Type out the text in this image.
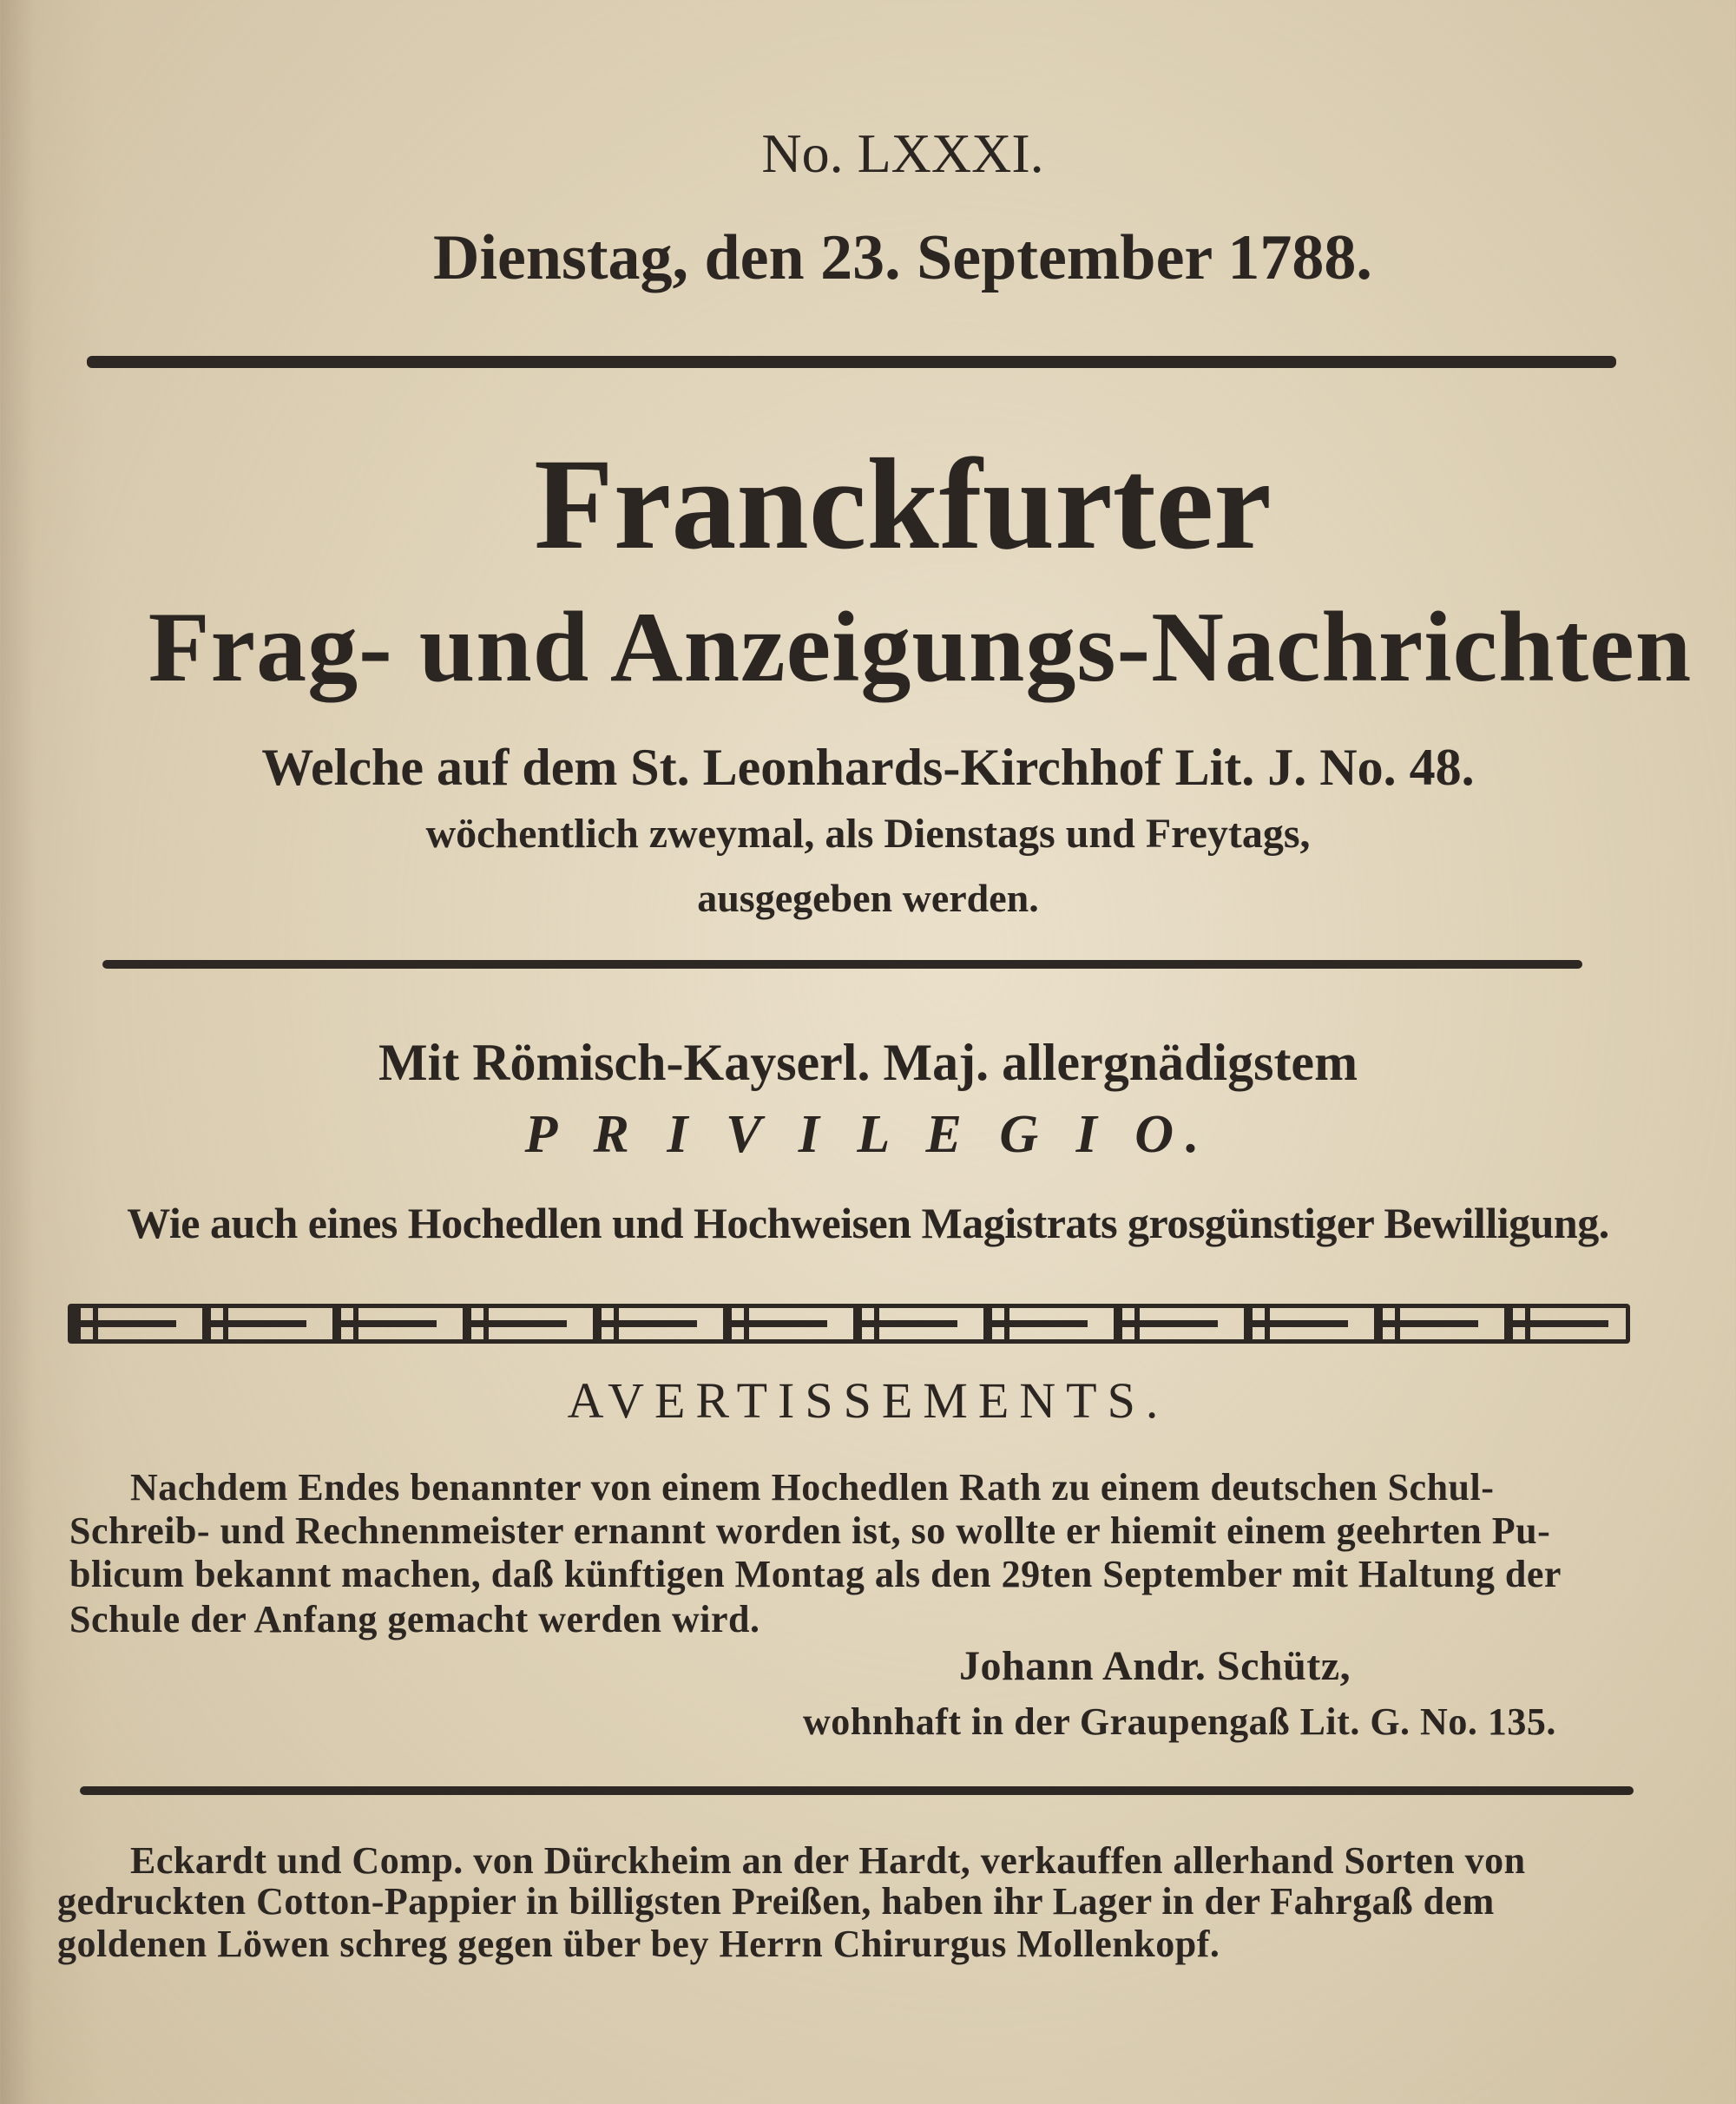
No. LXXXI.
Dienstag, den 23. September 1788.
Franckfurter
Frag- und Anzeigungs-Nachrichten
Welche auf dem St. Leonhards-Kirchhof Lit. J. No. 48.
wöchentlich zweymal, als Dienstags und Freytags,
ausgegeben werden.
Mit Römisch-Kayserl. Maj. allergnädigstem
P R I V I L E G I O.
Wie auch eines Hochedlen und Hochweisen Magistrats grosgünstiger Bewilligung.
AVERTISSEMENTS.
Nachdem Endes benannter von einem Hochedlen Rath zu einem deutschen Schul-
Schreib- und Rechnenmeister ernannt worden ist, so wollte er hiemit einem geehrten Pu-
blicum bekannt machen, daß künftigen Montag als den 29ten September mit Haltung der
Schule der Anfang gemacht werden wird.
Johann Andr. Schütz,
wohnhaft in der Graupengaß Lit. G. No. 135.
Eckardt und Comp. von Dürckheim an der Hardt, verkauffen allerhand Sorten von
gedruckten Cotton-Pappier in billigsten Preißen, haben ihr Lager in der Fahrgaß dem
goldenen Löwen schreg gegen über bey Herrn Chirurgus Mollenkopf.
